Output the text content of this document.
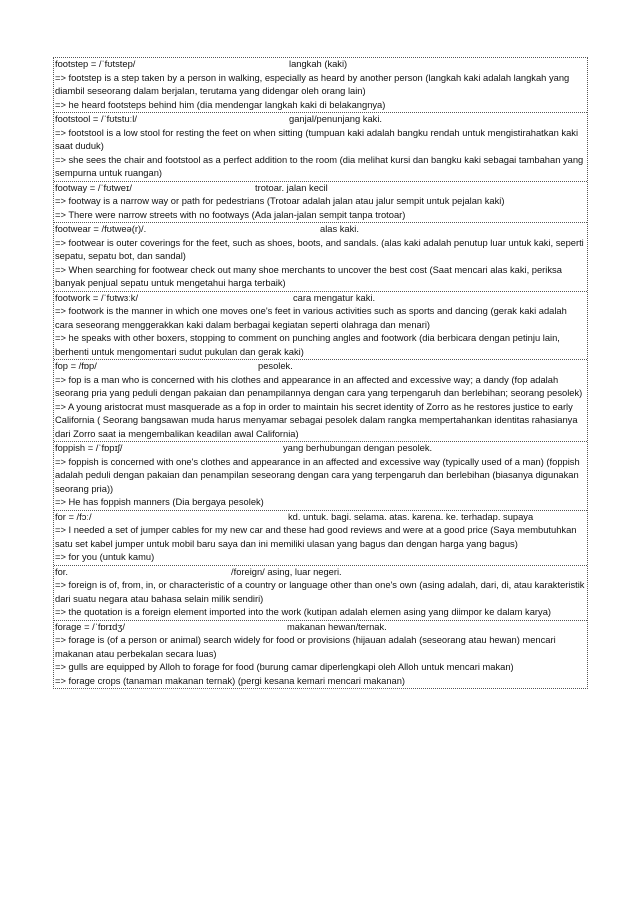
footstep = /ˈfʊtstep/	langkah (kaki)
=> footstep is a step taken by a person in walking, especially as heard by another person (langkah kaki adalah langkah yang diambil seseorang dalam berjalan, terutama yang didengar oleh orang lain)
=> he heard footsteps behind him (dia mendengar langkah kaki di belakangnya)
footstool = /ˈfʊtstuːl/	ganjal/penunjang kaki.
=> footstool is a low stool for resting the feet on when sitting (tumpuan kaki adalah bangku rendah untuk mengistirahatkan kaki saat duduk)
=> she sees the chair and footstool as a perfect addition to the room (dia melihat kursi dan bangku kaki sebagai tambahan yang sempurna untuk ruangan)
footway = /ˈfʊtweɪ/	trotoar. jalan kecil
=> footway is a narrow way or path for pedestrians (Trotoar adalah jalan atau jalur sempit untuk pejalan kaki)
=> There were narrow streets with no footways (Ada jalan-jalan sempit tanpa trotoar)
footwear = /fʊtweə(r)/.	alas kaki.
=> footwear is outer coverings for the feet, such as shoes, boots, and sandals. (alas kaki adalah penutup luar untuk kaki, seperti sepatu, sepatu bot, dan sandal)
=> When searching for footwear check out many shoe merchants to uncover the best cost (Saat mencari alas kaki, periksa banyak penjual sepatu untuk mengetahui harga terbaik)
footwork = /ˈfʊtwɜːk/	cara mengatur kaki.
=> footwork is the manner in which one moves one's feet in various activities such as sports and dancing (gerak kaki adalah cara seseorang menggerakkan kaki dalam berbagai kegiatan seperti olahraga dan menari)
=> he speaks with other boxers, stopping to comment on punching angles and footwork (dia berbicara dengan petinju lain, berhenti untuk mengomentari sudut pukulan dan gerak kaki)
fop = /fɒp/	pesolek.
=> fop is a man who is concerned with his clothes and appearance in an affected and excessive way; a dandy (fop adalah seorang pria yang peduli dengan pakaian dan penampilannya dengan cara yang terpengaruh dan berlebihan; seorang pesolek)
=> A young aristocrat must masquerade as a fop in order to maintain his secret identity of Zorro as he restores justice to early California ( Seorang bangsawan muda harus menyamar sebagai pesolek dalam rangka mempertahankan identitas rahasianya dari Zorro saat ia mengembalikan keadilan awal California)
foppish = /ˈfɒpɪʃ/	yang berhubungan dengan pesolek.
=> foppish is concerned with one's clothes and appearance in an affected and excessive way (typically used of a man) (foppish adalah peduli dengan pakaian dan penampilan seseorang dengan cara yang terpengaruh dan berlebihan (biasanya digunakan seorang pria))
=> He has foppish manners (Dia bergaya pesolek)
for = /fɔː/	kd. untuk. bagi. selama. atas. karena. ke. terhadap. supaya
=> I needed a set of jumper cables for my new car and these had good reviews and were at a good price (Saya membutuhkan satu set kabel jumper untuk mobil baru saya dan ini memiliki ulasan yang bagus dan dengan harga yang bagus)
=> for you (untuk kamu)
for.	/foreign/ asing, luar negeri.
=> foreign is of, from, in, or characteristic of a country or language other than one's own (asing adalah, dari, di, atau karakteristik dari suatu negara atau bahasa selain milik sendiri)
=> the quotation is a foreign element imported into the work (kutipan adalah elemen asing yang diimpor ke dalam karya)
forage = /ˈfɒrɪdʒ/	makanan hewan/ternak.
=> forage is (of a person or animal) search widely for food or provisions (hijauan adalah (seseorang atau hewan) mencari makanan atau perbekalan secara luas)
=> gulls are equipped by Alloh to forage for food (burung camar diperlengkapi oleh Alloh untuk mencari makan)
=> forage crops (tanaman makanan ternak) (pergi kesana kemari mencari makanan)
